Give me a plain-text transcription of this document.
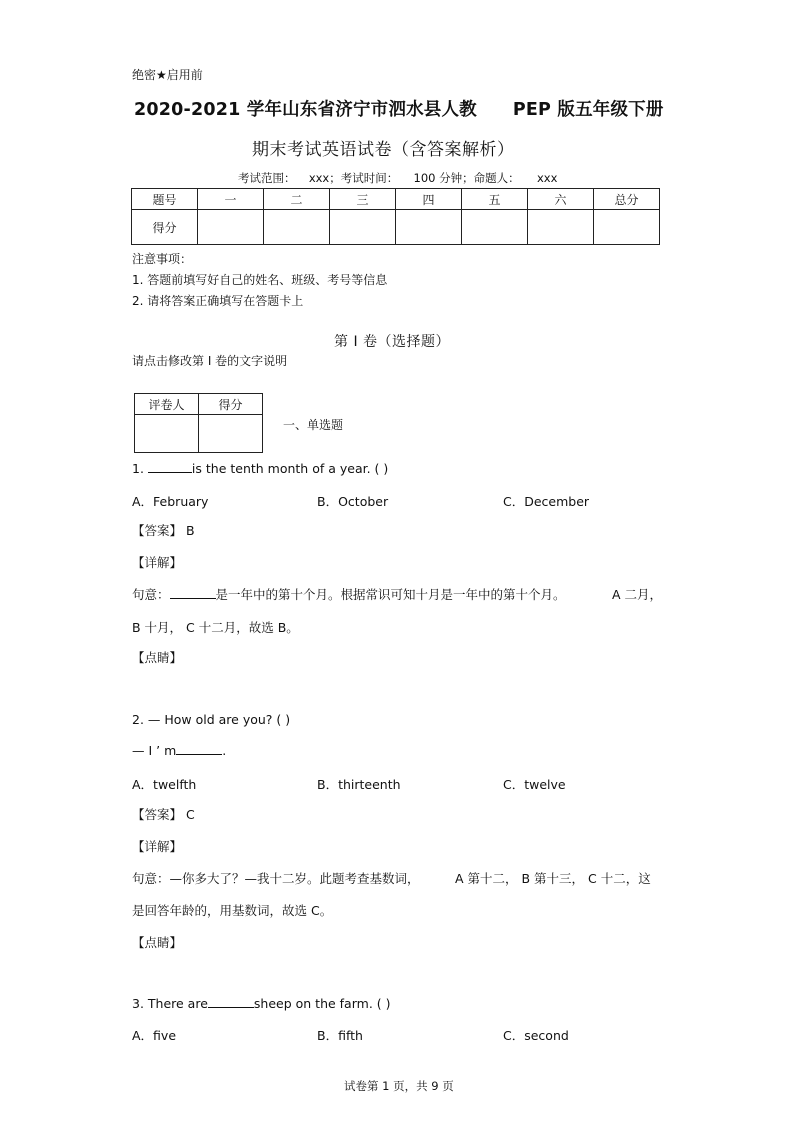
绝密★启用前
2020-2021 学年山东省济宁市泗水县人教 PEP 版五年级下册
期末考试英语试卷（含答案解析）
考试范围： xxx；考试时间： 100 分钟；命题人： xxx
题号	一	二	三	四	五	六	总分
得分							
注意事项：
1. 答题前填写好自己的姓名、班级、考号等信息
2. 请将答案正确填写在答题卡上
第 I 卷（选择题）
请点击修改第 I 卷的文字说明
评卷人	得分

一、单选题
1.	is the tenth month of a year. ( )
A．February	B．October	C．December
【答案】 B
【详解】
句意：	是一年中的第十个月。根据常识可知十月是一年中的第十个月。	A 二月，
B 十月， C 十二月，故选 B。
【点睛】
2. — How old are you? ( )
— I ’ m	.
A．twelfth	B．thirteenth	C．twelve
【答案】 C
【详解】
句意：—你多大了？—我十二岁。此题考查基数词，	A 第十二， B 第十三， C 十二，这
是回答年龄的，用基数词，故选 C。
【点睛】
3. There are	sheep on the farm. ( )
A．five	B．fifth	C．second
试卷第 1 页，共 9 页
